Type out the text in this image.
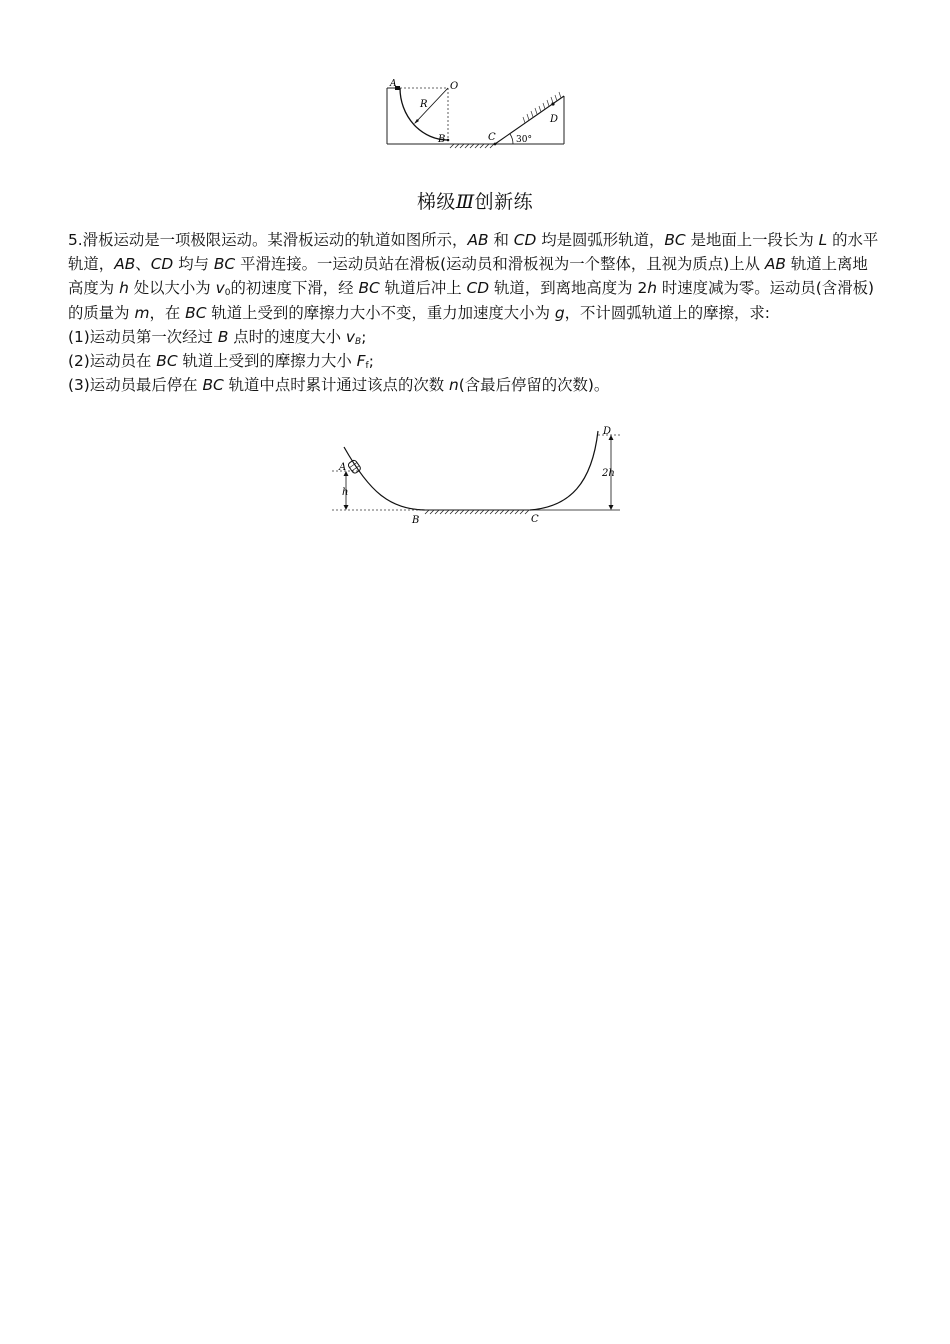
A	O
R
B	C
D
30°
梯级Ⅲ创新练

5.滑板运动是一项极限运动。某滑板运动的轨道如图所示，AB 和 CD 均是圆弧形轨道，BC 是地面上一段长为 L 的水平轨道，AB、CD 均与 BC 平滑连接。一运动员站在滑板(运动员和滑板视为一个整体，且视为质点)上从 AB 轨道上离地高度为 h 处以大小为 $v_0$的初速度下滑，经 BC 轨道后冲上 CD 轨道，到离地高度为 2h 时速度减为零。运动员(含滑板)的质量为 m，在 BC 轨道上受到的摩擦力大小不变，重力加速度大小为 g，不计圆弧轨道上的摩擦，求:

(1)运动员第一次经过 B 点时的速度大小 $v_B$;

(2)运动员在 BC 轨道上受到的摩擦力大小 $F_f$;

(3)运动员最后停在 BC 轨道中点时累计通过该点的次数 n(含最后停留的次数)。

A
h
B	C
D
2h
